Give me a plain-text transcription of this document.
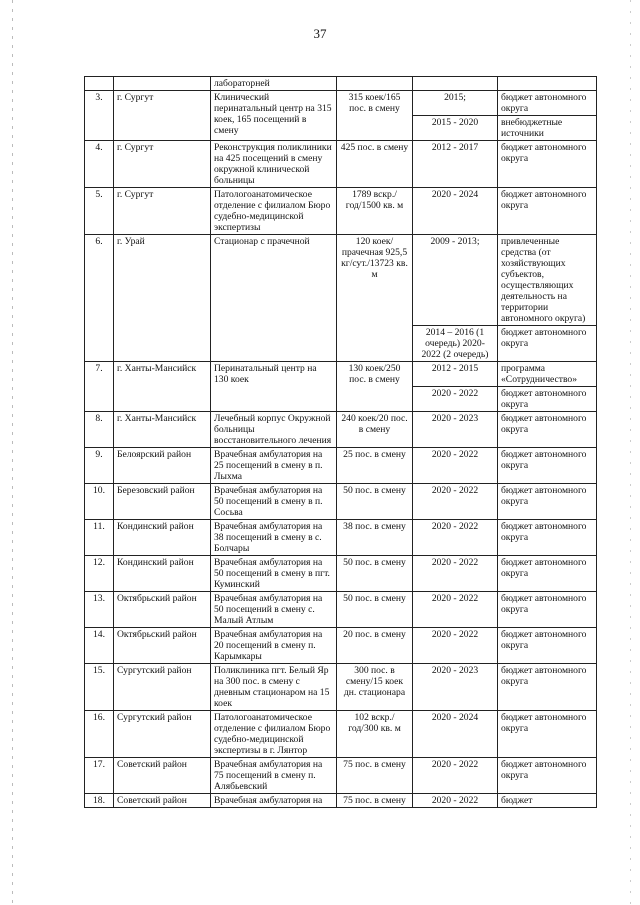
37
		лабораторней			
3.	г. Сургут	Клинический перинатальный центр на 315 коек, 165 посещений в смену	315 коек/165 пос. в смену	2015;	бюджет автономного округа
				2015 - 2020	внебюджетные источники
4.	г. Сургут	Реконструкция поликлиники на 425 посещений в смену окружной клинической больницы	425 пос. в смену	2012 - 2017	бюджет автономного округа
5.	г. Сургут	Патологоанатомическое отделение с филиалом Бюро судебно-медицинской экспертизы	1789 вскр./год/1500 кв. м	2020 - 2024	бюджет автономного округа
6.	г. Урай	Стационар с прачечной	120 коек/прачечная 925,5 кг/сут./13723 кв. м	2009 - 2013;	привлеченные средства (от хозяйствующих субъектов, осуществляющих деятельность на территории автономного округа)
				2014 – 2016 (1 очередь) 2020-2022 (2 очередь)	бюджет автономного округа
7.	г. Ханты-Мансийск	Перинатальный центр на 130 коек	130 коек/250 пос. в смену	2012 - 2015	программа «Сотрудничество»
				2020 - 2022	бюджет автономного округа
8.	г. Ханты-Мансийск	Лечебный корпус Окружной больницы восстановительного лечения	240 коек/20 пос. в смену	2020 - 2023	бюджет автономного округа
9.	Белоярский район	Врачебная амбулатория на 25 посещений в смену в п. Лыхма	25 пос. в смену	2020 - 2022	бюджет автономного округа
10.	Березовский район	Врачебная амбулатория на 50 посещений в смену в п. Сосьва	50 пос. в смену	2020 - 2022	бюджет автономного округа
11.	Кондинский район	Врачебная амбулатория на 38 посещений в смену в с. Болчары	38 пос. в смену	2020 - 2022	бюджет автономного округа
12.	Кондинский район	Врачебная амбулатория на 50 посещений в смену в пгт. Куминский	50 пос. в смену	2020 - 2022	бюджет автономного округа
13.	Октябрьский район	Врачебная амбулатория на 50 посещений в смену с. Малый Атлым	50 пос. в смену	2020 - 2022	бюджет автономного округа
14.	Октябрьский район	Врачебная амбулатория на 20 посещений в смену п. Карымкары	20 пос. в смену	2020 - 2022	бюджет автономного округа
15.	Сургутский район	Поликлиника пгт. Белый Яр на 300 пос. в смену с дневным стационаром на 15 коек	300 пос. в смену/15 коек дн. стационара	2020 - 2023	бюджет автономного округа
16.	Сургутский район	Патологоанатомическое отделение с филиалом Бюро судебно-медицинской экспертизы в г. Лянтор	102 вскр./год/300 кв. м	2020 - 2024	бюджет автономного округа
17.	Советский район	Врачебная амбулатория на 75 посещений в смену п. Алябьевский	75 пос. в смену	2020 - 2022	бюджет автономного округа
18.	Советский район	Врачебная амбулатория на	75 пос. в смену	2020 - 2022	бюджет
